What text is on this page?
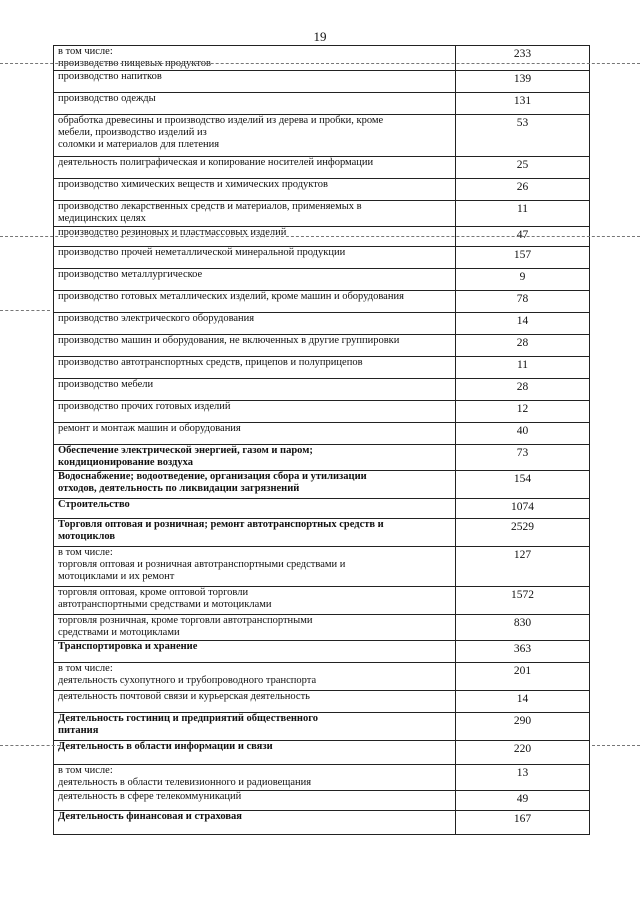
19
в том числе:
производство пищевых продуктов	233

производство напитков	139

производство одежды	131

обработка древесины и производство изделий из дерева и пробки, кроме
мебели, производство изделий из
соломки и материалов для плетения	53

деятельность полиграфическая и копирование носителей информации	25

производство химических веществ и химических продуктов	26

производство лекарственных средств и материалов, применяемых в
медицинских целях	11

производство резиновых и пластмассовых изделий	47

производство прочей неметаллической минеральной продукции	157

производство металлургическое	9

производство готовых металлических изделий, кроме машин и оборудования	78

производство электрического оборудования	14

производство машин и оборудования, не включенных в другие группировки	28

производство автотранспортных средств, прицепов и полуприцепов	11

производство мебели	28

производство прочих готовых изделий	12

ремонт и монтаж машин и оборудования	40

Обеспечение электрической энергией, газом и паром;
кондиционирование воздуха	73

Водоснабжение; водоотведение, организация сбора и утилизации
отходов, деятельность по ликвидации загрязнений	154

Строительство	1074

Торговля оптовая и розничная; ремонт автотранспортных средств и
мотоциклов	2529

в том числе:
торговля оптовая и розничная автотранспортными средствами и
мотоциклами и их ремонт	127

торговля оптовая, кроме оптовой торговли
автотранспортными средствами и мотоциклами	1572

торговля розничная, кроме торговли автотранспортными
средствами и мотоциклами	830

Транспортировка и хранение	363

в том числе:
деятельность сухопутного и трубопроводного транспорта	201

деятельность почтовой связи и курьерская деятельность	14

Деятельность гостиниц и предприятий общественного
питания	290

Деятельность в области информации и связи	220

в том числе:
деятельность в области телевизионного и радиовещания	13

деятельность в сфере телекоммуникаций	49

Деятельность финансовая и страховая	167
